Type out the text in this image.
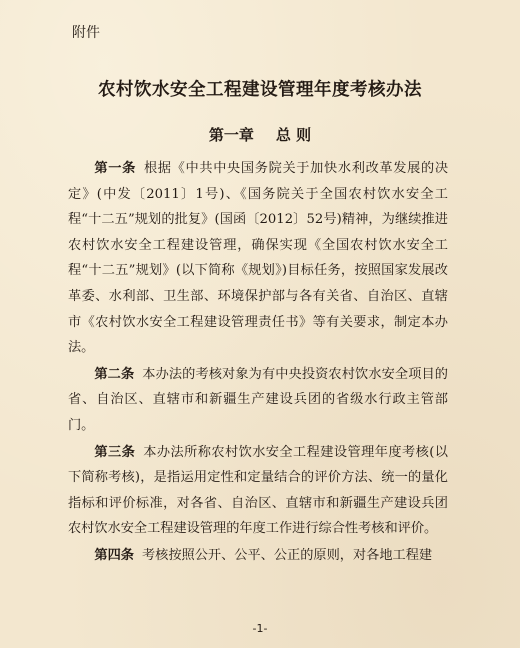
附件
农村饮水安全工程建设管理年度考核办法
第一章 总 则

第一条 根据《中共中央国务院关于加快水利改革发展的决定》(中发〔2011〕1号)、《国务院关于全国农村饮水安全工程“十二五”规划的批复》(国函〔2012〕52号)精神，为继续推进农村饮水安全工程建设管理，确保实现《全国农村饮水安全工程“十二五”规划》(以下简称《规划》)目标任务，按照国家发展改革委、水利部、卫生部、环境保护部与各有关省、自治区、直辖市《农村饮水安全工程建设管理责任书》等有关要求，制定本办法。

第二条 本办法的考核对象为有中央投资农村饮水安全项目的省、自治区、直辖市和新疆生产建设兵团的省级水行政主管部门。

第三条 本办法所称农村饮水安全工程建设管理年度考核(以下简称考核)，是指运用定性和定量结合的评价方法、统一的量化指标和评价标准，对各省、自治区、直辖市和新疆生产建设兵团农村饮水安全工程建设管理的年度工作进行综合性考核和评价。

第四条 考核按照公开、公平、公正的原则，对各地工程建

-1-
